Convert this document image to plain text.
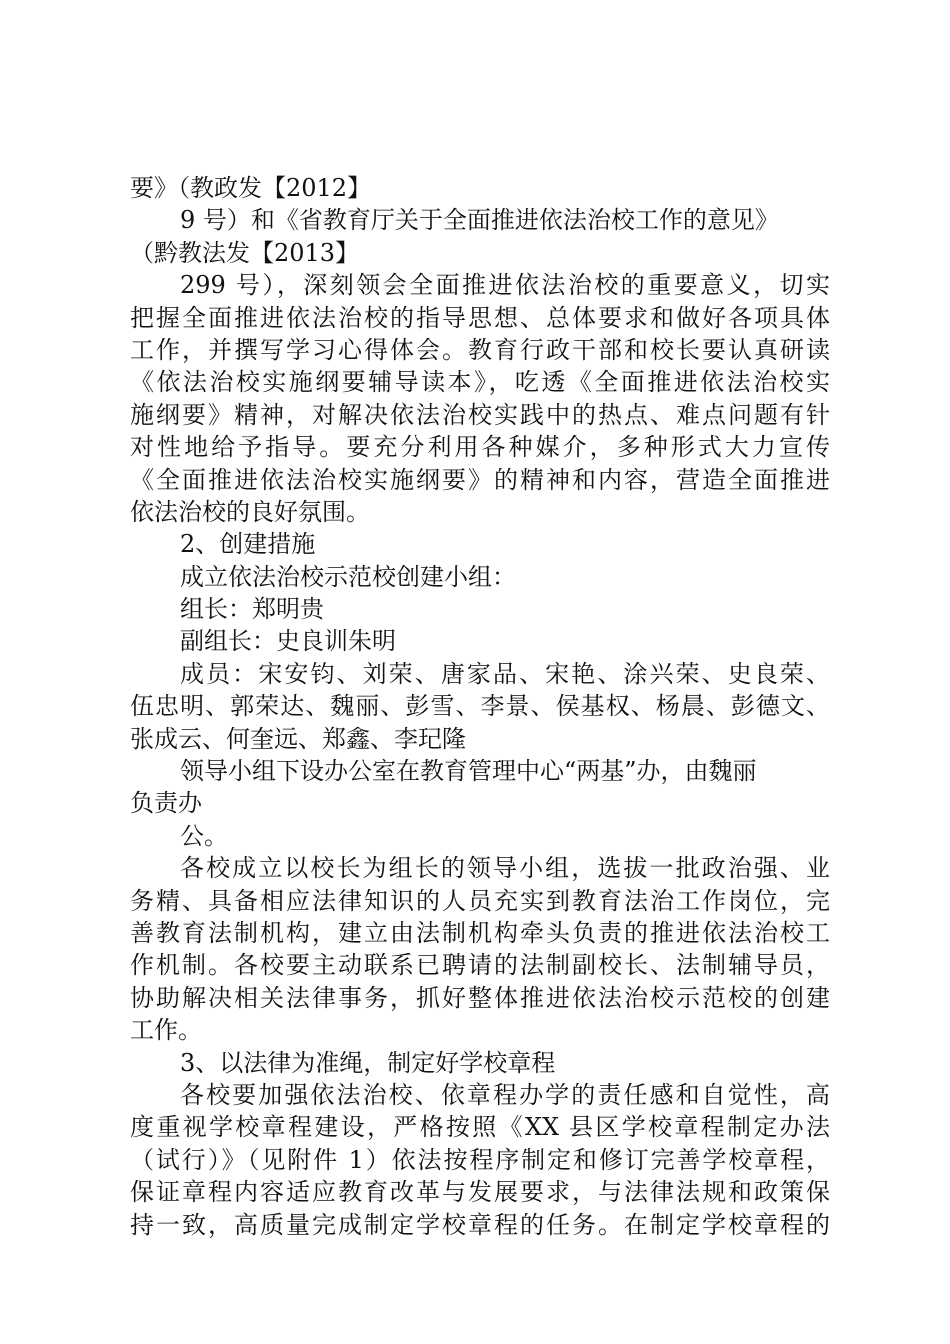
要》（教政发【2012】
9 号）和《省教育厅关于全面推进依法治校工作的意见》
（黔教法发【2013】
299 号），深刻领会全面推进依法治校的重要意义，切实
把握全面推进依法治校的指导思想、总体要求和做好各项具体
工作，并撰写学习心得体会。教育行政干部和校长要认真研读
《依法治校实施纲要辅导读本》，吃透《全面推进依法治校实
施纲要》精神，对解决依法治校实践中的热点、难点问题有针
对性地给予指导。要充分利用各种媒介，多种形式大力宣传
《全面推进依法治校实施纲要》的精神和内容，营造全面推进
依法治校的良好氛围。
2、创建措施
成立依法治校示范校创建小组：
组长：郑明贵
副组长：史良训朱明
成员：宋安钧、刘荣、唐家品、宋艳、涂兴荣、史良荣、
伍忠明、郭荣达、魏丽、彭雪、李景、侯基权、杨晨、彭德文、
张成云、何奎远、郑鑫、李玘隆
领导小组下设办公室在教育管理中心“两基”办，由魏丽
负责办
公。
各校成立以校长为组长的领导小组，选拔一批政治强、业
务精、具备相应法律知识的人员充实到教育法治工作岗位，完
善教育法制机构，建立由法制机构牵头负责的推进依法治校工
作机制。各校要主动联系已聘请的法制副校长、法制辅导员，
协助解决相关法律事务，抓好整体推进依法治校示范校的创建
工作。
3、以法律为准绳，制定好学校章程
各校要加强依法治校、依章程办学的责任感和自觉性，高
度重视学校章程建设，严格按照《XX 县区学校章程制定办法
（试行）》（见附件 1）依法按程序制定和修订完善学校章程，
保证章程内容适应教育改革与发展要求，与法律法规和政策保
持一致，高质量完成制定学校章程的任务。在制定学校章程的
